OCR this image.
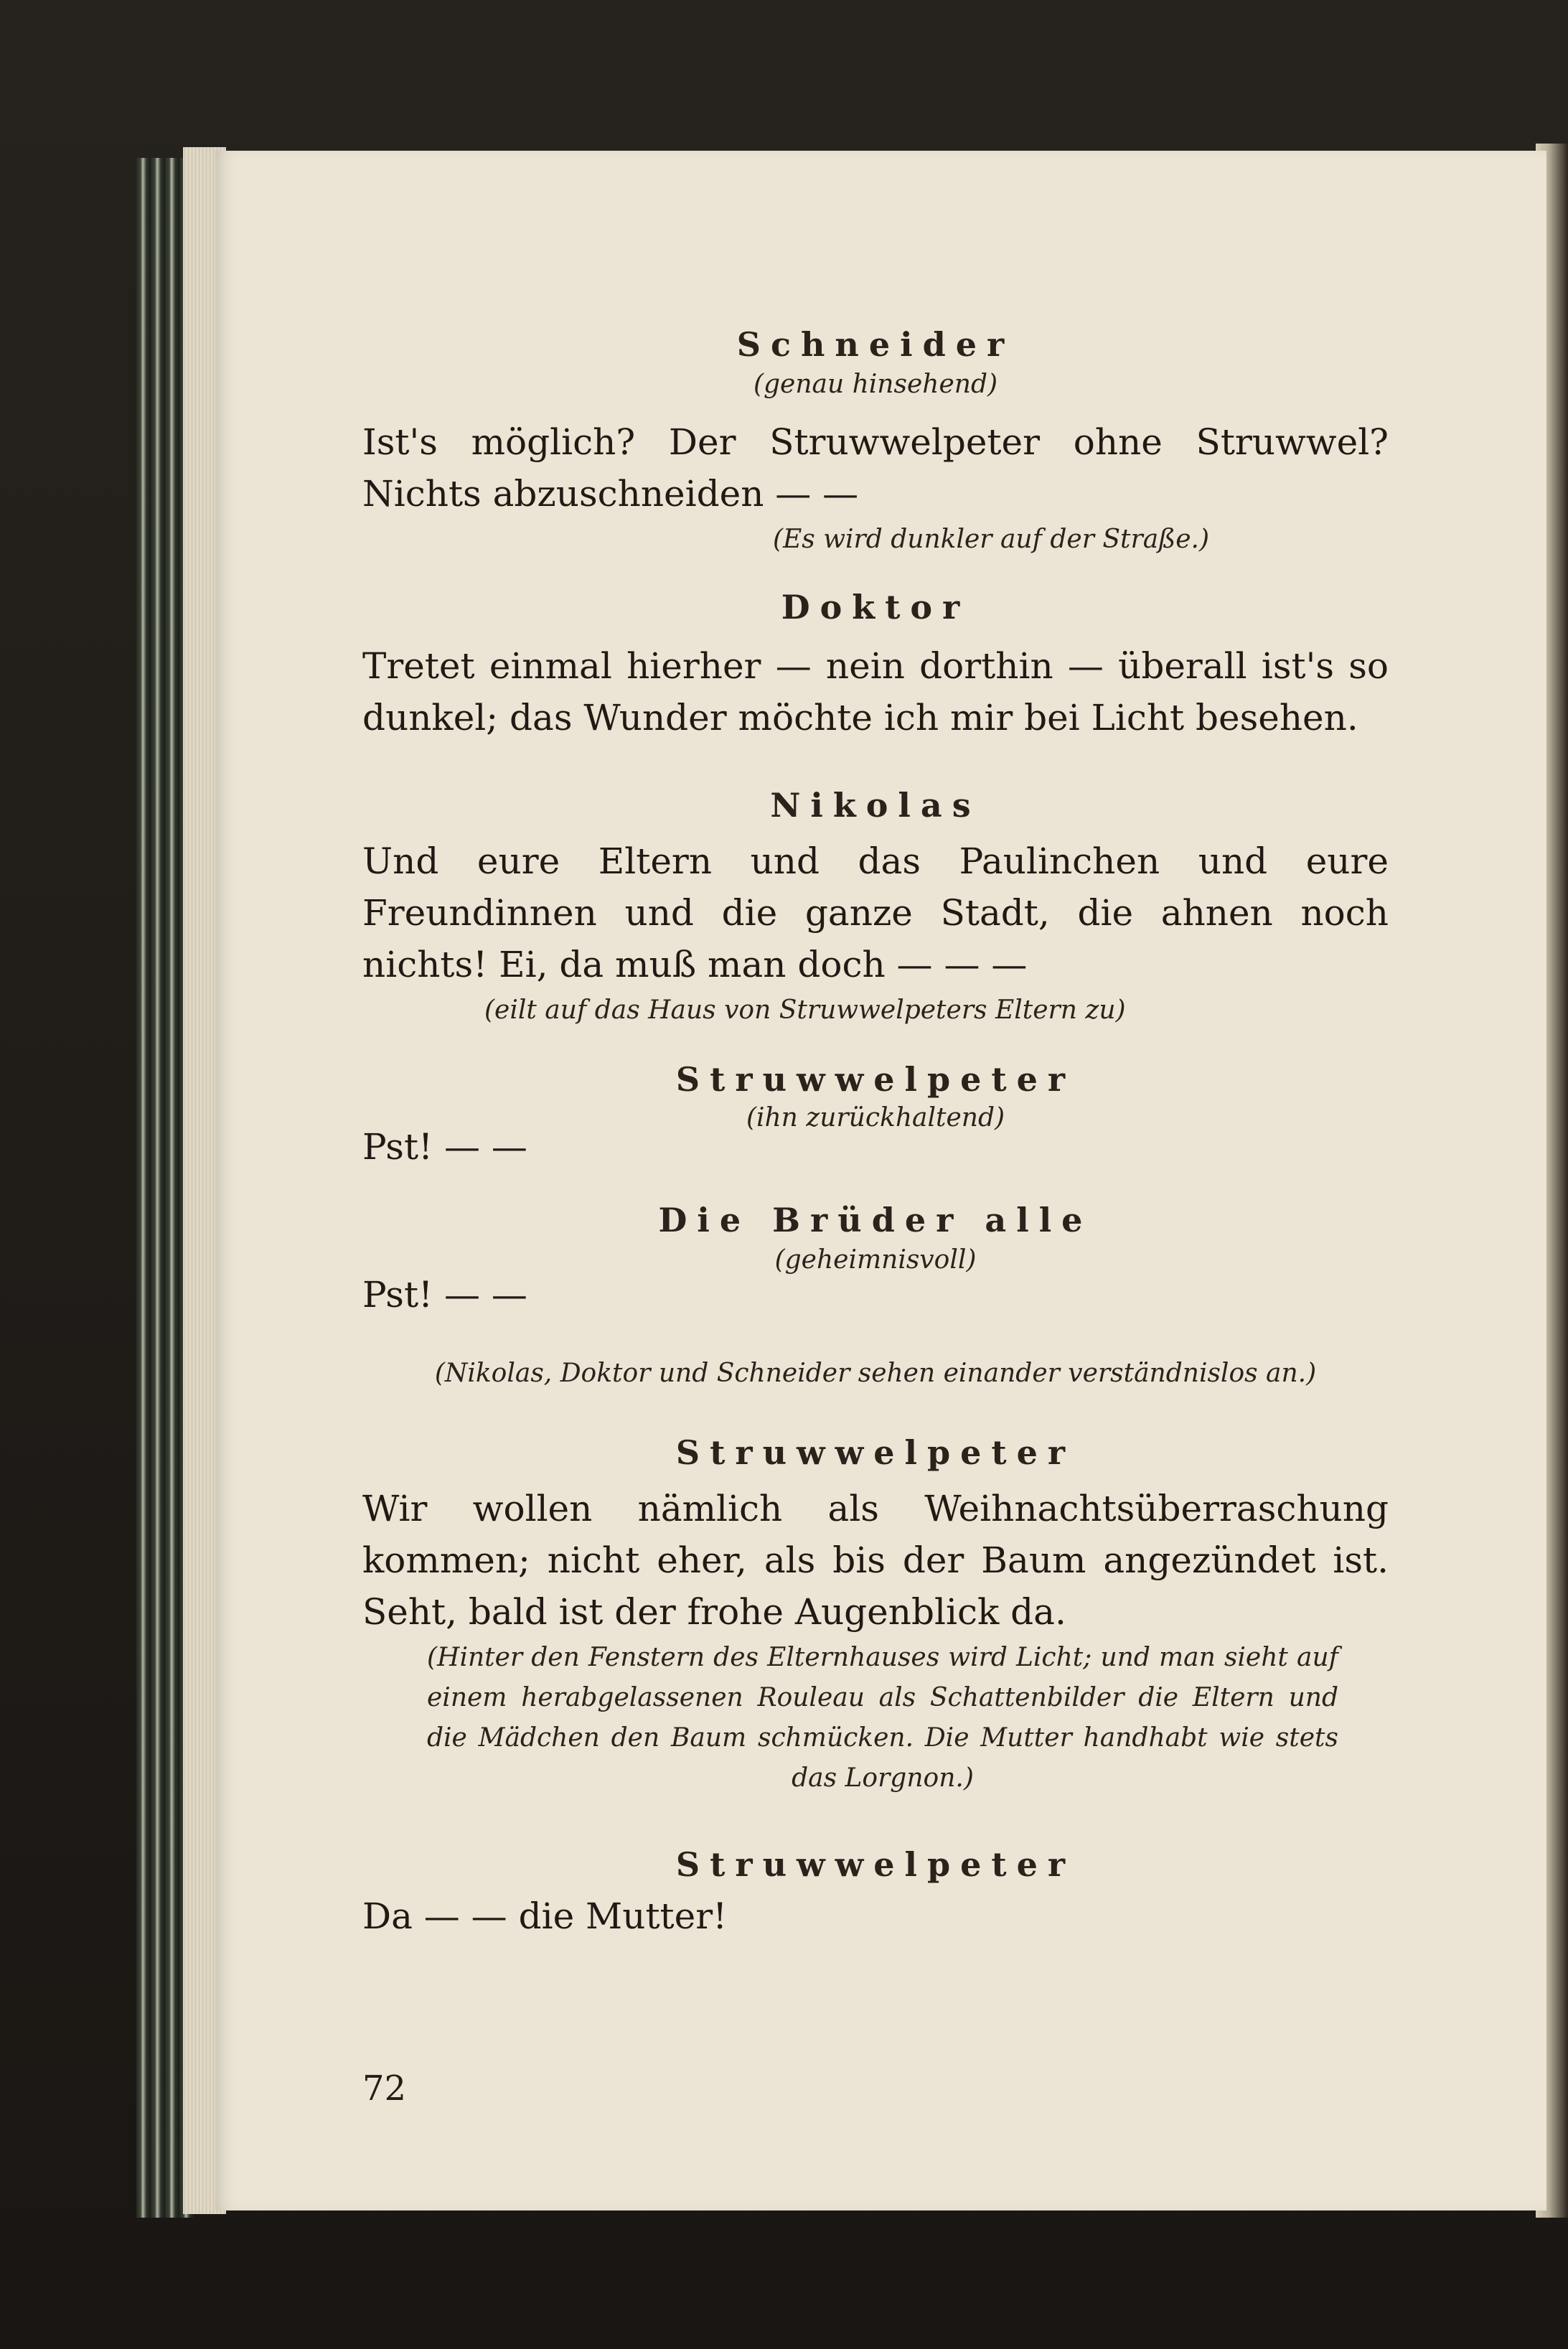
Schneider

(genau hinsehend)

Ist's möglich? Der Struwwelpeter ohne Struwwel? Nichts abzuschneiden — —

(Es wird dunkler auf der Straße.)

Doktor

Tretet einmal hierher — nein dorthin — überall ist's so dunkel; das Wunder möchte ich mir bei Licht besehen.

Nikolas

Und eure Eltern und das Paulinchen und eure Freundinnen und die ganze Stadt, die ahnen noch nichts! Ei, da muß man doch — — —

(eilt auf das Haus von Struwwelpeters Eltern zu)

Struwwelpeter

(ihn zurückhaltend)

Pst! — —

Die Brüder alle

(geheimnisvoll)

Pst! — —

(Nikolas, Doktor und Schneider sehen einander verständnislos an.)

Struwwelpeter

Wir wollen nämlich als Weihnachtsüberraschung kommen; nicht eher, als bis der Baum angezündet ist. Seht, bald ist der frohe Augenblick da.

(Hinter den Fenstern des Elternhauses wird Licht; und man sieht auf einem herabgelassenen Rouleau als Schattenbilder die Eltern und die Mädchen den Baum schmücken. Die Mutter handhabt wie stets das Lorgnon.)

Struwwelpeter

Da — — die Mutter!

72
